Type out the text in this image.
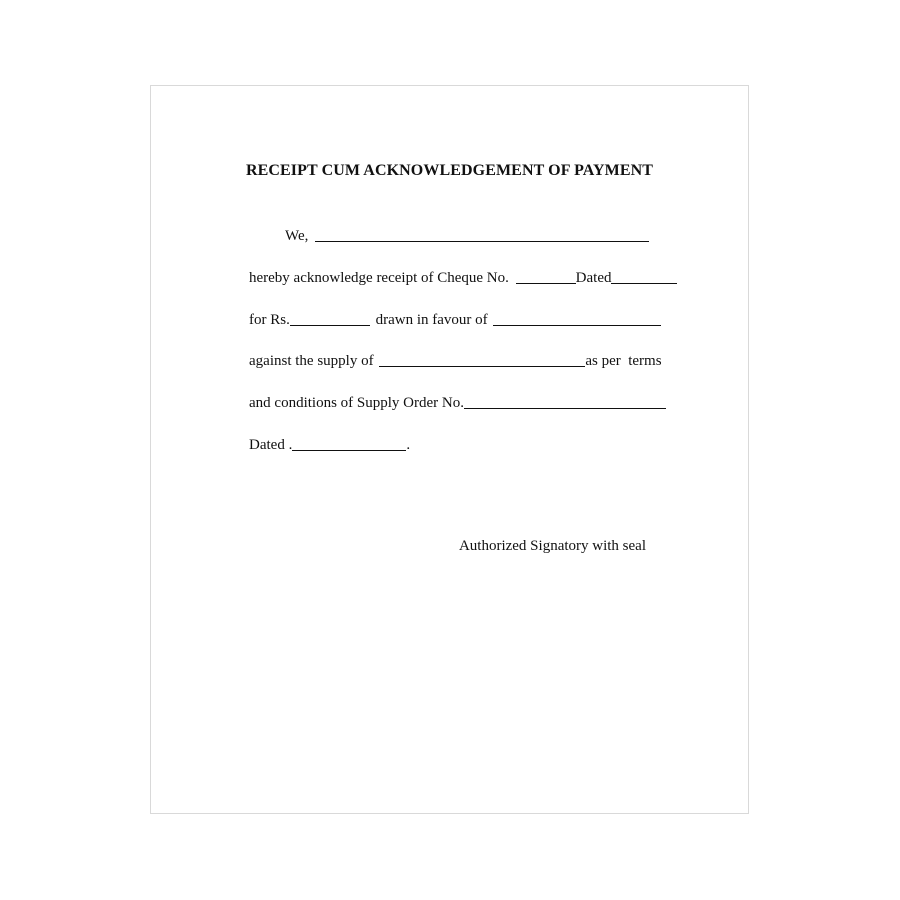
RECEIPT CUM ACKNOWLEDGEMENT OF PAYMENT
We,
hereby acknowledge receipt of Cheque No.	Dated
for Rs.	drawn in favour of
against the supply of	as per  terms
and conditions of Supply Order No.
Dated .	.
Authorized Signatory with seal
